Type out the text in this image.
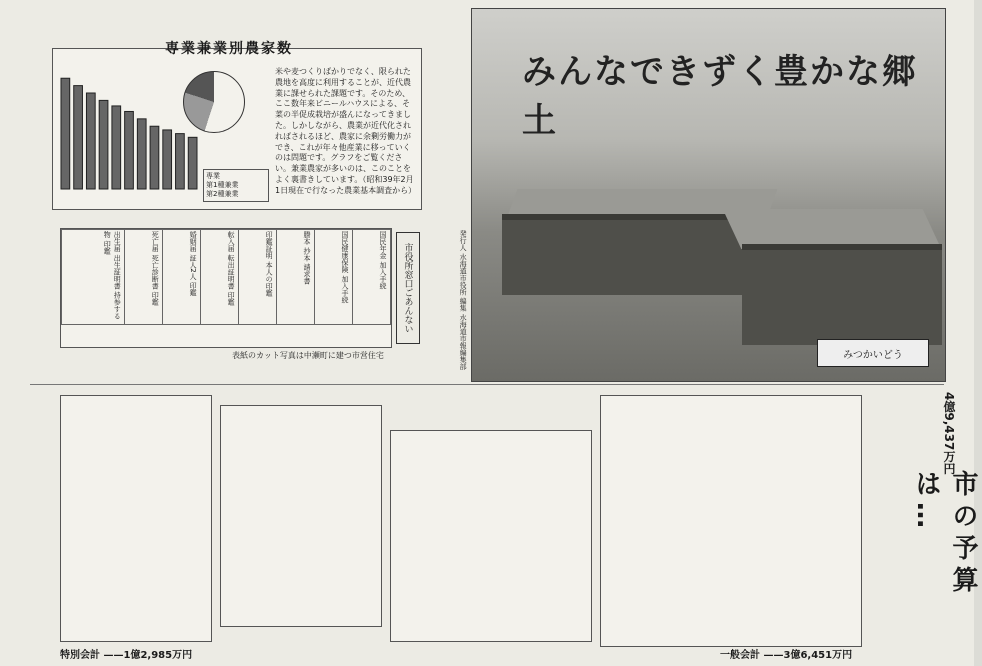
専業
第1種兼業
第2種兼業
米や麦つくりばかりでなく、限られた農地を高度に利用することが、近代農業に課せられた課題です。そのため、ここ数年来ビニールハウスによる、そ菜の半促成栽培が盛んになってきました。しかしながら、農業が近代化されればされるほど、農家に余剰労働力ができ、これが年々他産業に移っていくのは問題です。グラフをご覧ください。兼業農家が多いのは、このことをよく裏書きしています。（昭和39年2月1日現在で行なった農業基本調査から）
専業兼業別農家数
出生届 出生証明書 持参する物 印鑑	死亡届 死亡診断書 印鑑	婚姻届 証人2人 印鑑	転入届 転出証明書 印鑑	印鑑証明 本人の印鑑	謄本 抄本 請求書	国民健康保険 加入手続	国民年金 加入手続
表紙のカット写真は中瀬町に建つ市営住宅
市役所窓口ごあんない
みんなできずく豊かな郷土
みつかいどう
発行人 水海道市役所 編集 水海道市報編集部
市の予算は…
4億9,437万円
特別会計 ——1億2,985万円	一般会計 ——3億6,451万円
